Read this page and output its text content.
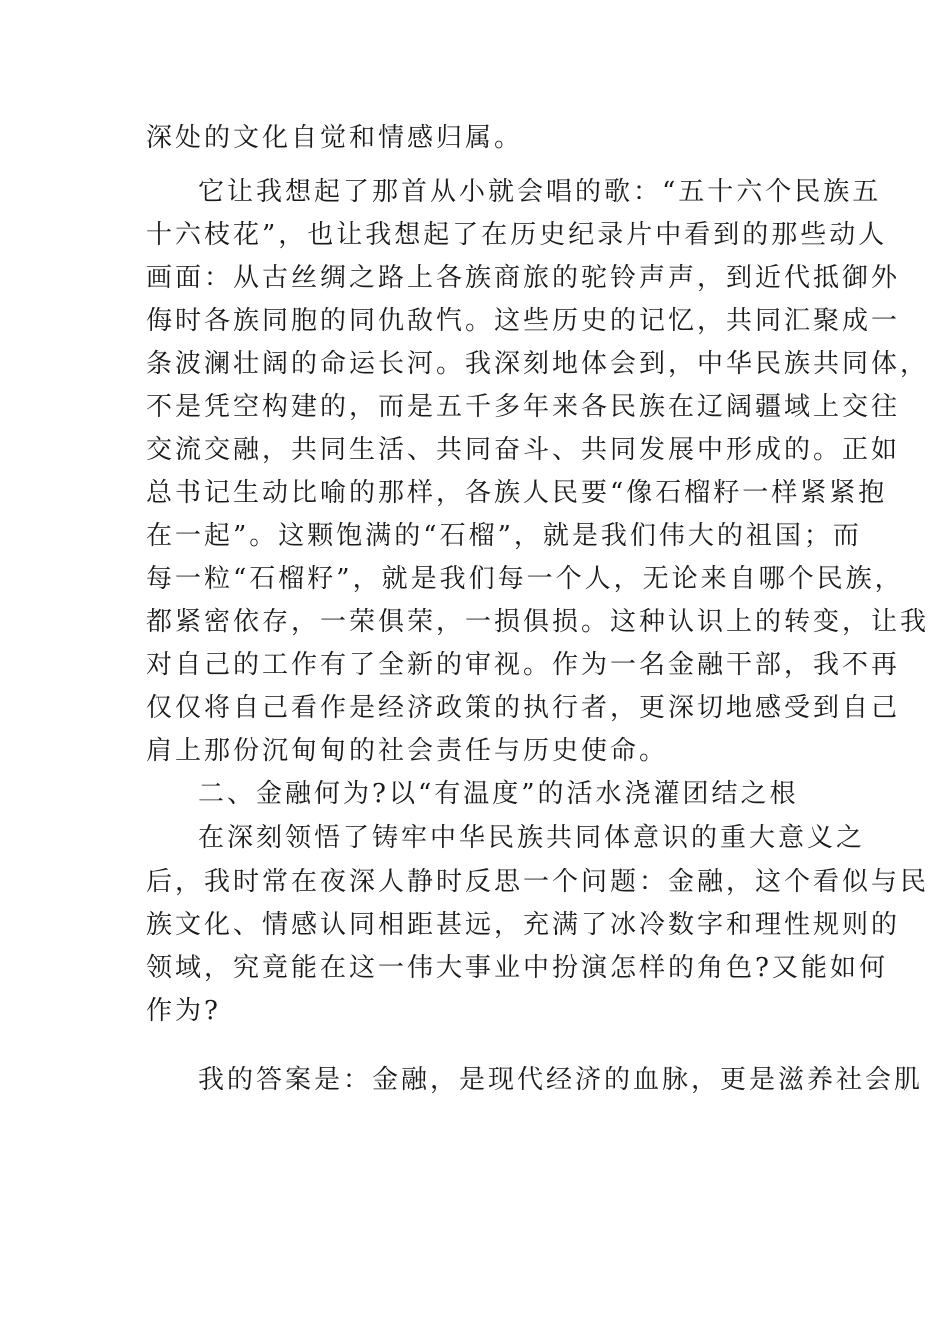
深处的文化自觉和情感归属。

它让我想起了那首从小就会唱的歌：“五十六个民族五

十六枝花”，也让我想起了在历史纪录片中看到的那些动人

画面：从古丝绸之路上各族商旅的驼铃声声，到近代抵御外

侮时各族同胞的同仇敌忾。这些历史的记忆，共同汇聚成一

条波澜壮阔的命运长河。我深刻地体会到，中华民族共同体，

不是凭空构建的，而是五千多年来各民族在辽阔疆域上交往

交流交融，共同生活、共同奋斗、共同发展中形成的。正如

总书记生动比喻的那样，各族人民要“像石榴籽一样紧紧抱

在一起”。这颗饱满的“石榴”，就是我们伟大的祖国；而

每一粒“石榴籽”，就是我们每一个人，无论来自哪个民族，

都紧密依存，一荣俱荣，一损俱损。这种认识上的转变，让我

对自己的工作有了全新的审视。作为一名金融干部，我不再

仅仅将自己看作是经济政策的执行者，更深切地感受到自己

肩上那份沉甸甸的社会责任与历史使命。

二、金融何为?以“有温度”的活水浇灌团结之根

在深刻领悟了铸牢中华民族共同体意识的重大意义之

后，我时常在夜深人静时反思一个问题：金融，这个看似与民

族文化、情感认同相距甚远，充满了冰冷数字和理性规则的

领域，究竟能在这一伟大事业中扮演怎样的角色?又能如何

作为?

我的答案是：金融，是现代经济的血脉，更是滋养社会肌
